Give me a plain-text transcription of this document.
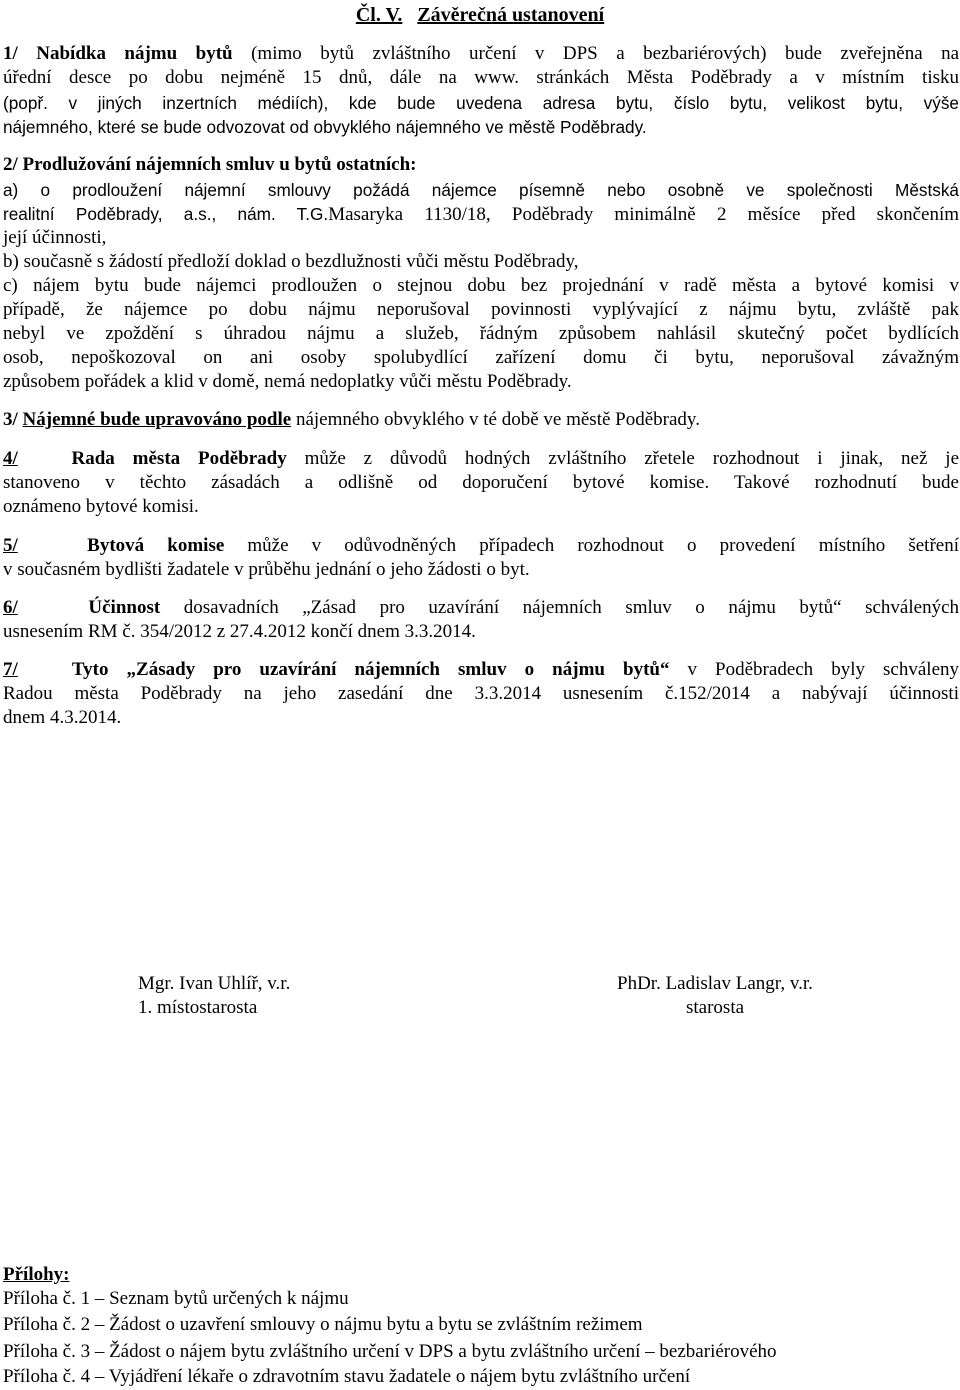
Čl. V. Závěrečná ustanovení
1/ Nabídka nájmu bytů (mimo bytů zvláštního určení v DPS a bezbariérových) bude zveřejněna na
úřední desce po dobu nejméně 15 dnů, dále na www. stránkách Města Poděbrady a v místním tisku
(popř. v jiných inzertních médiích), kde bude uvedena adresa bytu, číslo bytu, velikost bytu, výše
nájemného, které se bude odvozovat od obvyklého nájemného ve městě Poděbrady.
2/ Prodlužování nájemních smluv u bytů ostatních:
a) o prodloužení nájemní smlouvy požádá nájemce písemně nebo osobně ve společnosti Městská
realitní Poděbrady, a.s., nám. T.G.Masaryka 1130/18, Poděbrady minimálně 2 měsíce před skončením
její účinnosti,
b) současně s žádostí předloží doklad o bezdlužnosti vůči městu Poděbrady,
c) nájem bytu bude nájemci prodloužen o stejnou dobu bez projednání v radě města a bytové komisi v
případě, že nájemce po dobu nájmu neporušoval povinnosti vyplývající z nájmu bytu, zvláště pak
nebyl ve zpoždění s úhradou nájmu a služeb, řádným způsobem nahlásil skutečný počet bydlících
osob, nepoškozoval on ani osoby spolubydlící zařízení domu či bytu, neporušoval závažným
způsobem pořádek a klid v domě, nemá nedoplatky vůči městu Poděbrady.
3/ Nájemné bude upravováno podle nájemného obvyklého v té době ve městě Poděbrady.
4/	Rada města Poděbrady může z důvodů hodných zvláštního zřetele rozhodnout i jinak, než je
stanoveno v těchto zásadách a odlišně od doporučení bytové komise. Takové rozhodnutí bude
oznámeno bytové komisi.
5/	Bytová komise může v odůvodněných případech rozhodnout o provedení místního šetření
v současném bydlišti žadatele v průběhu jednání o jeho žádosti o byt.
6/	Účinnost dosavadních „Zásad pro uzavírání nájemních smluv o nájmu bytů“ schválených
usnesením RM č. 354/2012 z 27.4.2012 končí dnem 3.3.2014.
7/	Tyto „Zásady pro uzavírání nájemních smluv o nájmu bytů“ v Poděbradech byly schváleny
Radou města Poděbrady na jeho zasedání dne 3.3.2014 usnesením č.152/2014 a nabývají účinnosti
dnem 4.3.2014.
Mgr. Ivan Uhlíř, v.r.
1. místostarosta
PhDr. Ladislav Langr, v.r.
starosta
Přílohy:
Příloha č. 1 – Seznam bytů určených k nájmu
Příloha č. 2 – Žádost o uzavření smlouvy o nájmu bytu a bytu se zvláštním režimem
Příloha č. 3 – Žádost o nájem bytu zvláštního určení v DPS a bytu zvláštního určení – bezbariérového
Příloha č. 4 – Vyjádření lékaře o zdravotním stavu žadatele o nájem bytu zvláštního určení
